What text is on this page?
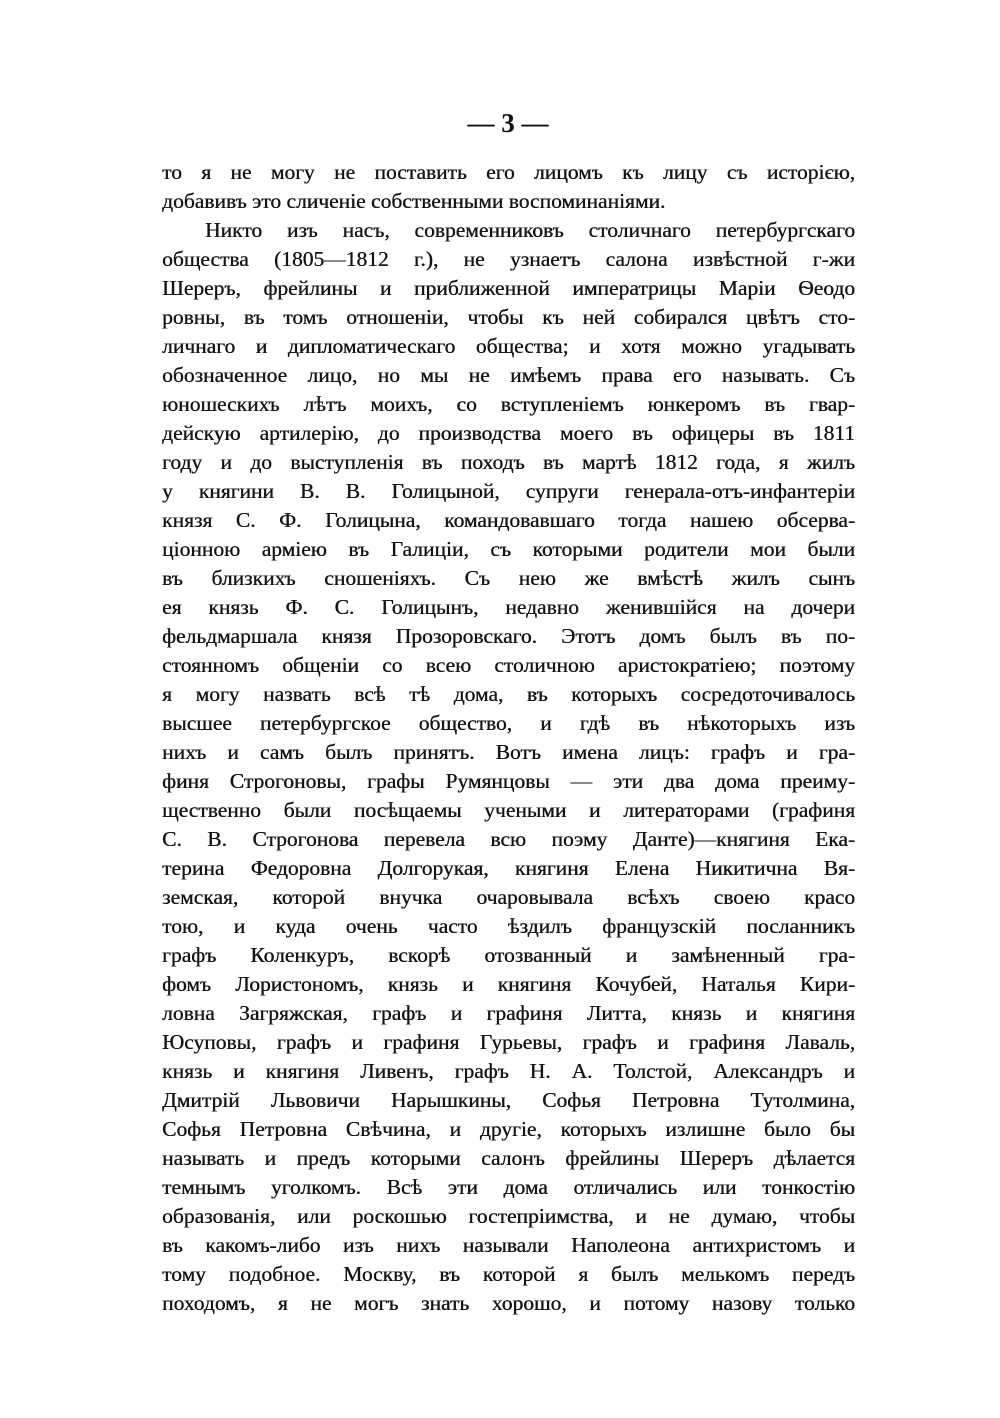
— 3 —
то я не могу не поставить его лицомъ къ лицу съ исторією,
добавивъ это сличеніе собственными воспоминаніями.
Никто изъ насъ, современниковъ столичнаго петербургскаго
общества (1805—1812 г.), не узнаетъ салона извѣстной г-жи
Шереръ, фрейлины и приближенной императрицы Маріи Ѳеодо
ровны, въ томъ отношеніи, чтобы къ ней собирался цвѣтъ сто-
личнаго и дипломатическаго общества; и хотя можно угадывать
обозначенное лицо, но мы не имѣемъ права его называть. Съ
юношескихъ лѣтъ моихъ, со вступленіемъ юнкеромъ въ гвар-
дейскую артилерію, до производства моего въ офицеры въ 1811
году и до выступленія въ походъ въ мартѣ 1812 года, я жилъ
у княгини В. В. Голицыной, супруги генерала-отъ-инфантеріи
князя С. Ф. Голицына, командовавшаго тогда нашею обсерва-
ціонною арміею въ Галиціи, съ которыми родители мои были
въ близкихъ сношеніяхъ. Съ нею же вмѣстѣ жилъ сынъ
ея князь Ф. С. Голицынъ, недавно женившійся на дочери
фельдмаршала князя Прозоровскаго. Этотъ домъ былъ въ по-
стоянномъ общеніи со всею столичною аристократіею; поэтому
я могу назвать всѣ тѣ дома, въ которыхъ сосредоточивалось
высшее петербургское общество, и гдѣ въ нѣкоторыхъ изъ
нихъ и самъ былъ принятъ. Вотъ имена лицъ: графъ и гра-
финя Строгоновы, графы Румянцовы — эти два дома преиму-
щественно были посѣщаемы учеными и литераторами (графиня
С. В. Строгонова перевела всю поэму Данте)—княгиня Ека-
терина Федоровна Долгорукая, княгиня Елена Никитична Вя-
земская, которой внучка очаровывала всѣхъ своею красо
тою, и куда очень часто ѣздилъ французскій посланникъ
графъ Коленкуръ, вскорѣ отозванный и замѣненный гра-
фомъ Лористономъ, князь и княгиня Кочубей, Наталья Кири-
ловна Загряжская, графъ и графиня Литта, князь и княгиня
Юсуповы, графъ и графиня Гурьевы, графъ и графиня Лаваль,
князь и княгиня Ливенъ, графъ Н. А. Толстой, Александръ и
Дмитрій Львовичи Нарышкины, Софья Петровна Тутолмина,
Софья Петровна Свѣчина, и другіе, которыхъ излишне было бы
называть и предъ которыми салонъ фрейлины Шереръ дѣлается
темнымъ уголкомъ. Всѣ эти дома отличались или тонкостію
образованія, или роскошью гостепріимства, и не думаю, чтобы
въ какомъ-либо изъ нихъ называли Наполеона антихристомъ и
тому подобное. Москву, въ которой я былъ мелькомъ передъ
походомъ, я не могъ знать хорошо, и потому назову только
